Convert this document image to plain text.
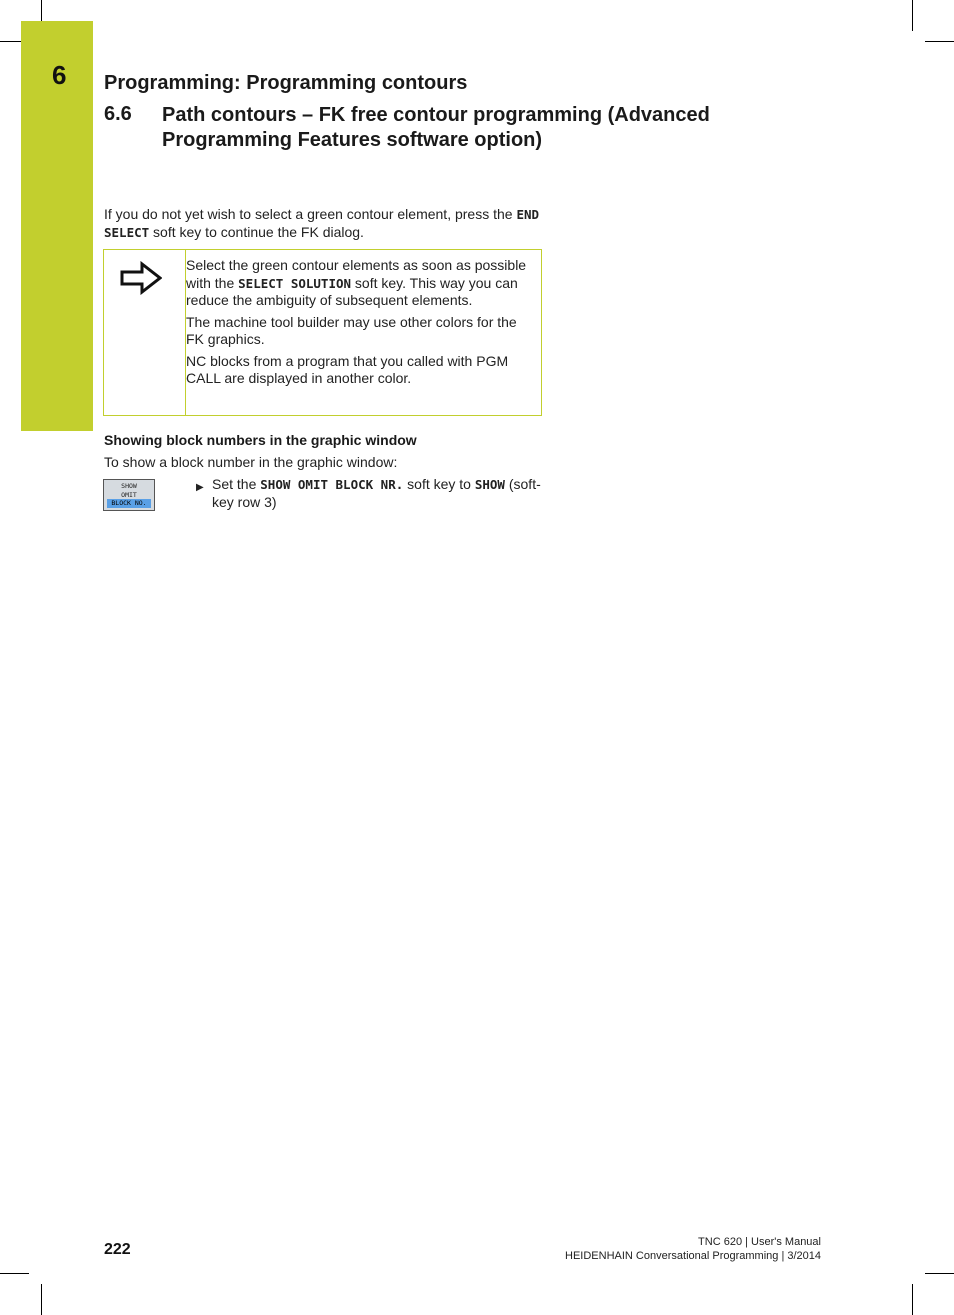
6 Programming: Programming contours
6.6 Path contours – FK free contour programming (Advanced
Programming Features software option)
If you do not yet wish to select a green contour element, press the END SELECT soft key to continue the FK dialog.

Select the green contour elements as soon as possible with the SELECT SOLUTION soft key. This way you can reduce the ambiguity of subsequent elements.

The machine tool builder may use other colors for the FK graphics.

NC blocks from a program that you called with PGM CALL are displayed in another color.

Showing block numbers in the graphic window
To show a block number in the graphic window:
SHOW
OMIT
BLOCK NO.
▶ Set the SHOW OMIT BLOCK NR. soft key to SHOW (soft-key row 3)
222	TNC 620 | User's Manual
HEIDENHAIN Conversational Programming | 3/2014
